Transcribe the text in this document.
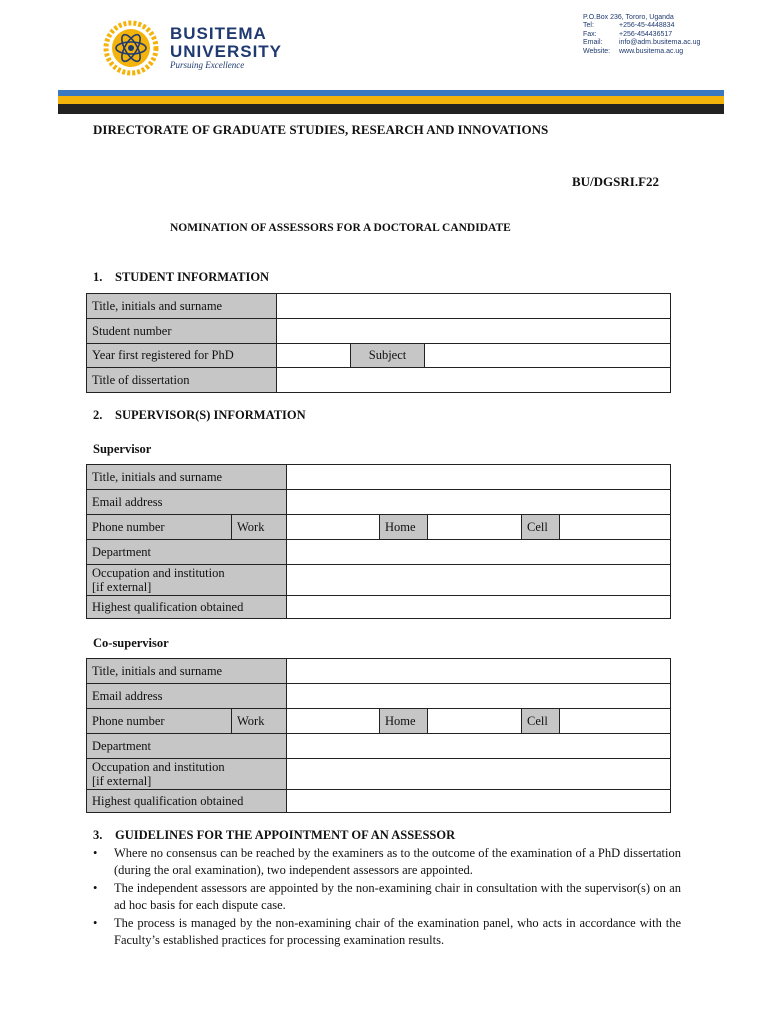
BUSITEMA
UNIVERSITY
Pursuing Excellence
P.O.Box 236, Tororo, Uganda
Tel:	+256-45-4448834
Fax:	+256-454436517
Email:	info@adm.busitema.ac.ug
Website:	www.busitema.ac.ug
DIRECTORATE OF GRADUATE STUDIES, RESEARCH AND INNOVATIONS
BU/DGSRI.F22
NOMINATION OF ASSESSORS FOR A DOCTORAL CANDIDATE
1. STUDENT INFORMATION
Title, initials and surname			
Student number			
Year first registered for PhD		Subject	
Title of dissertation			
2. SUPERVISOR(S) INFORMATION
Supervisor
Title, initials and surname						
Email address						
Phone number	Work		Home		Cell	
Department						

Occupation and institution
[if external]						

Highest qualification obtained						
Co-supervisor
Title, initials and surname						
Email address						
Phone number	Work		Home		Cell	
Department						

Occupation and institution
[if external]						

Highest qualification obtained						
3. GUIDELINES FOR THE APPOINTMENT OF AN ASSESSOR
• Where no consensus can be reached by the examiners as to the outcome of the examination of a PhD dissertation (during the oral examination), two independent assessors are appointed.
• The independent assessors are appointed by the non-examining chair in consultation with the supervisor(s) on an ad hoc basis for each dispute case.
• The process is managed by the non-examining chair of the examination panel, who acts in accordance with the Faculty’s established practices for processing examination results.
